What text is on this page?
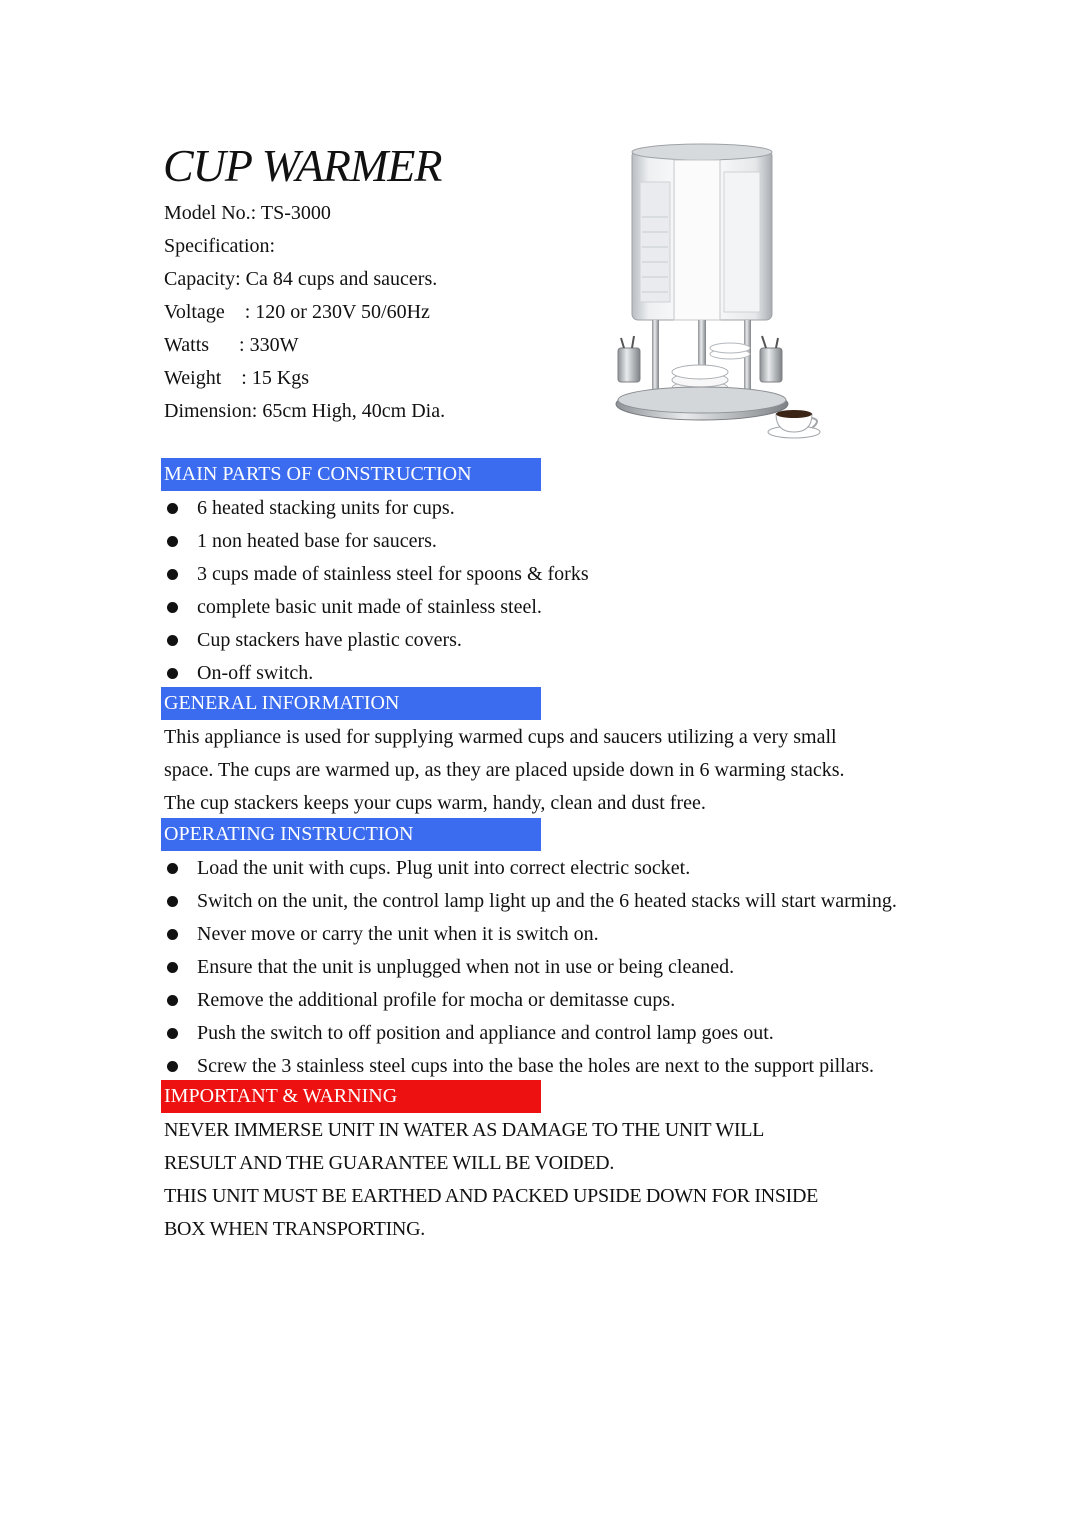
CUP WARMER
Model No.: TS-3000
Specification:
Capacity: Ca 84 cups and saucers.
Voltage    : 120 or 230V 50/60Hz
Watts      : 330W
Weight    : 15 Kgs
Dimension: 65cm High, 40cm Dia.
MAIN PARTS OF CONSTRUCTION
6 heated stacking units for cups.
1 non heated base for saucers.
3 cups made of stainless steel for spoons & forks
complete basic unit made of stainless steel.
Cup stackers have plastic covers.
On-off switch.
GENERAL INFORMATION
This appliance is used for supplying warmed cups and saucers utilizing a very small
space. The cups are warmed up, as they are placed upside down in 6 warming stacks.
The cup stackers keeps your cups warm, handy, clean and dust free.
OPERATING INSTRUCTION
Load the unit with cups. Plug unit into correct electric socket.
Switch on the unit, the control lamp light up and the 6 heated stacks will start warming.
Never move or carry the unit when it is switch on.
Ensure that the unit is unplugged when not in use or being cleaned.
Remove the additional profile for mocha or demitasse cups.
Push the switch to off position and appliance and control lamp goes out.
Screw the 3 stainless steel cups into the base the holes are next to the support pillars.
IMPORTANT & WARNING
NEVER IMMERSE UNIT IN WATER AS DAMAGE TO THE UNIT WILL
RESULT AND THE GUARANTEE WILL BE VOIDED.
THIS UNIT MUST BE EARTHED AND PACKED UPSIDE DOWN FOR INSIDE
BOX WHEN TRANSPORTING.
